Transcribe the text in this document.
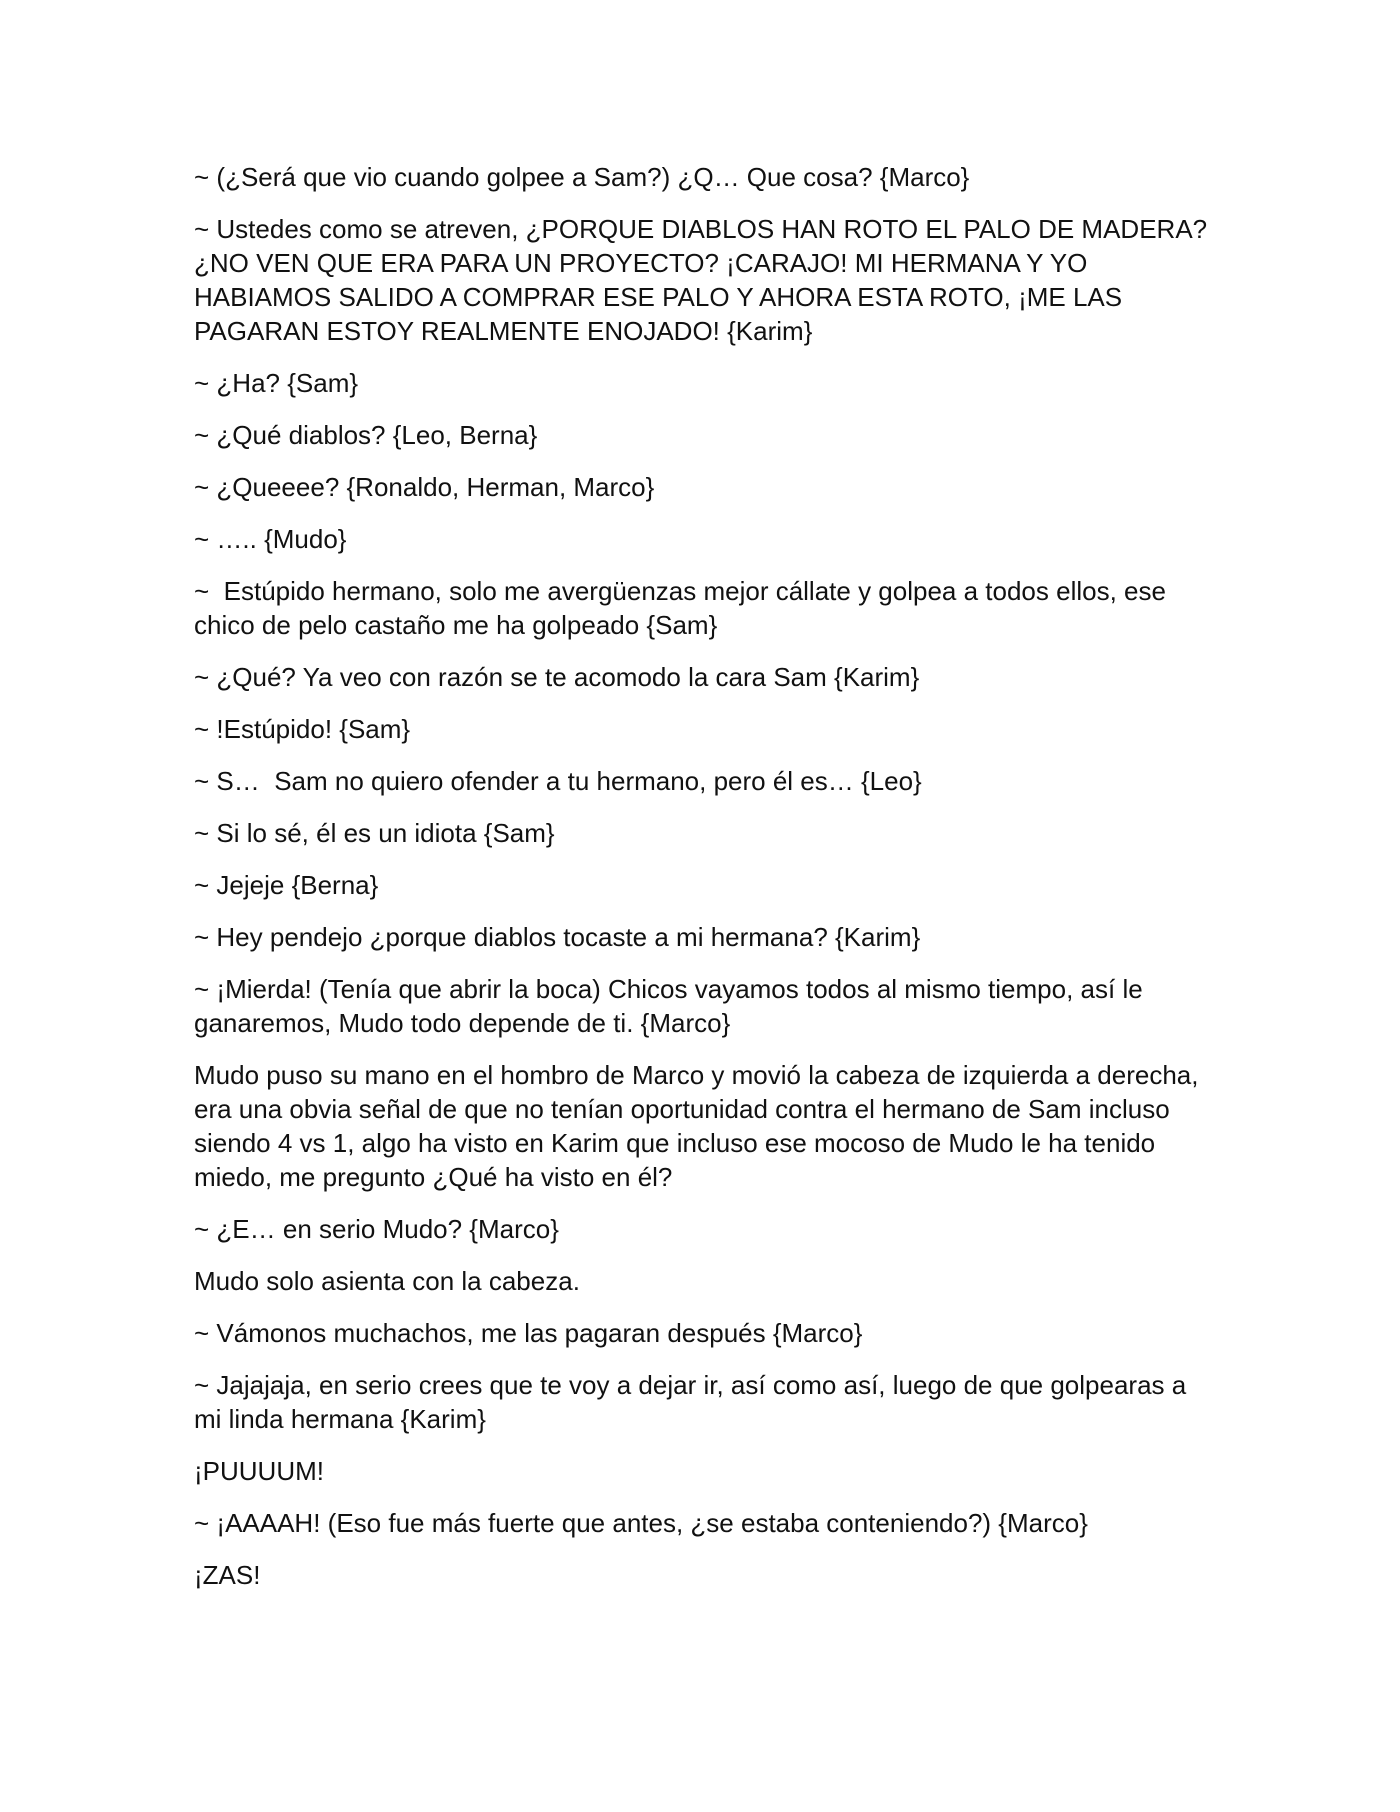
~ (¿Será que vio cuando golpee a Sam?) ¿Q… Que cosa? {Marco}

~ Ustedes como se atreven, ¿PORQUE DIABLOS HAN ROTO EL PALO DE MADERA? ¿NO VEN QUE ERA PARA UN PROYECTO? ¡CARAJO! MI HERMANA Y YO HABIAMOS SALIDO A COMPRAR ESE PALO Y AHORA ESTA ROTO, ¡ME LAS PAGARAN ESTOY REALMENTE ENOJADO! {Karim}

~ ¿Ha? {Sam}

~ ¿Qué diablos? {Leo, Berna}

~ ¿Queeee? {Ronaldo, Herman, Marco}

~ ….. {Mudo}

~  Estúpido hermano, solo me avergüenzas mejor cállate y golpea a todos ellos, ese chico de pelo castaño me ha golpeado {Sam}

~ ¿Qué? Ya veo con razón se te acomodo la cara Sam {Karim}

~ !Estúpido! {Sam}

~ S…  Sam no quiero ofender a tu hermano, pero él es… {Leo}

~ Si lo sé, él es un idiota {Sam}

~ Jejeje {Berna}

~ Hey pendejo ¿porque diablos tocaste a mi hermana? {Karim}

~ ¡Mierda! (Tenía que abrir la boca) Chicos vayamos todos al mismo tiempo, así le ganaremos, Mudo todo depende de ti. {Marco}

Mudo puso su mano en el hombro de Marco y movió la cabeza de izquierda a derecha, era una obvia señal de que no tenían oportunidad contra el hermano de Sam incluso siendo 4 vs 1, algo ha visto en Karim que incluso ese mocoso de Mudo le ha tenido miedo, me pregunto ¿Qué ha visto en él?

~ ¿E… en serio Mudo? {Marco}

Mudo solo asienta con la cabeza.

~ Vámonos muchachos, me las pagaran después {Marco}

~ Jajajaja, en serio crees que te voy a dejar ir, así como así, luego de que golpearas a mi linda hermana {Karim}

¡PUUUUM!

~ ¡AAAAH! (Eso fue más fuerte que antes, ¿se estaba conteniendo?) {Marco}

¡ZAS!
